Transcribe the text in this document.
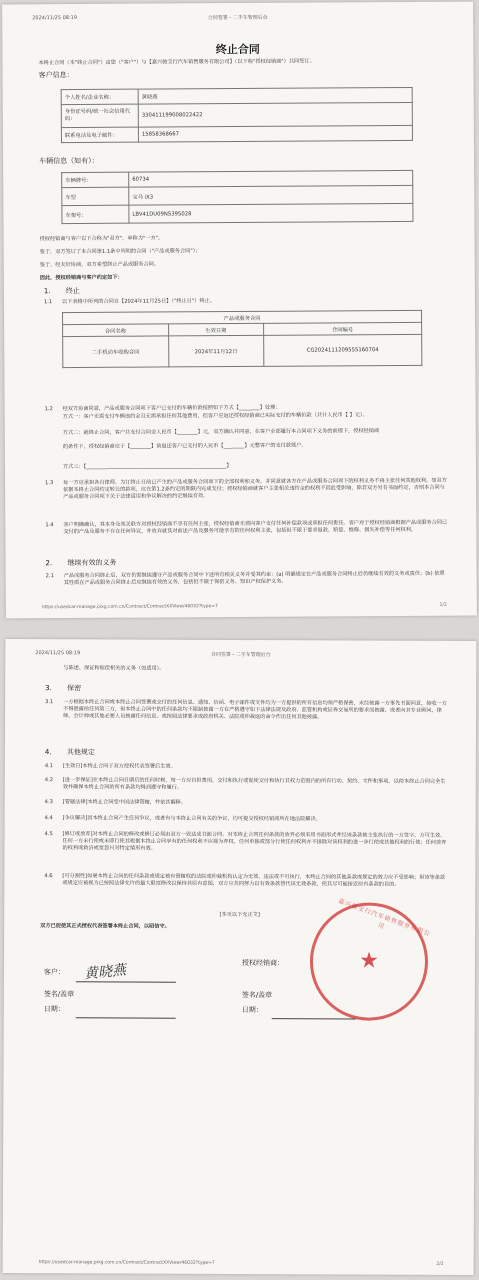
2024/11/25 08:19	合同签署 - 二手车管理后台
终止合同
本终止合同（本"终止合同"）由您（"客户"）与【嘉兴骏宝行汽车销售服务有限公司】（以下称"授权经销商"）共同签订。
客户信息：
个人姓名/企业名称：	黄晓燕
身份证号码/统一社会信用代码：	330411199008022422
联系电话及电子邮件：	15858368667
车辆信息（如有）：
车辆牌号：	60734
车型	宝马 iX3
车架号：	LBV41DU09NS395028
授权经销商与客户以下合称为"双方"，单称为"一方"。
鉴于，双方签订了本合同第1.1条中列明的合同（"产品或服务合同"）；
鉴于，经友好协商，双方希望终止产品或服务合同。
因此，授权经销商与客户约定如下：
1. 终止
1.1 以下表格中所列的合同自【2024年11月25日】（"终止日"）终止。
产品或服务合同		
合同名称	生效日期	合同编号
二手机动车收购合同	2024年11月12日	CG2024111209555160704
1.2 经双方协商同意，产品或服务合同项下客户已支付的车辆价款按照如下方式【________】处理：
方式一：客户无需支付车辆违约金且无需承担任何其他费用，但客户应返还授权经销商已实际支付的车辆价款（共计人民币【 】元）。
方式二：就终止合同，客户共支付合同金人民币【________】元，双方确认并同意，在客户全部履行本合同项下义务的前提下，授权经销商
的条件下，授权经销商应于【________】前退还客户已支付的人民币【________】元整客户的支付款账户。
方式三：【______________________________________________________】
1.3 每一方应承担各自律师、为订终止日前已产生的产品或服务合同项下的全部权利和义务，并同意就各方在产品或服务合同项下的权利义务不再主张任何其他权利。如双方依据本终止合同约定转让的款项，应在第1.2条约定的期限内完成支付；授权经销商就客户主张相关违约金的权利不因此受影响，除非双方另有书面约定，否则本合同与产品或服务合同项下关于法律适用和争议解决的约定继续有效。
1.4 客户明确确认，其本身及其关联方对授权经销商不享有任何主张，授权经销商无须向客户支付任何补偿款项或承担任何责任。客户对于授权经销商根据产品或服务合同已交付的产品及服务不存在任何异议，并放弃就其对前述产品及服务可能享有的任何权利主张，包括但不限于要求退款、赔偿、维修、损失补偿等任何权利。
2. 继续有效的义务
2.1 产品或服务合同终止后，双方仍需继续遵守产品或服务合同中下述所有相关义务并受其约束：(a) 明确规定在产品或服务合同终止后仍继续有效的义务或责任；(b) 依照其性质在产品或服务合同终止后应继续有效的义务，包括但不限于保密义务、知识产权保护义务、
https://usedcar-manage.pixg.com.cn/Contract/ContractXXView/46032?type=7	1/2
2024/11/25 08:19	合同签署 - 二手车管理后台
与陈述、保证和赔偿相关的义务（如适用）。
3. 保密
3.1 一方根据本终止合同或本终止合同签署或交付的任何信息、通知、信函、电子邮件或文件均为一方提供的所有信息均须严格保密，未经披露一方事先书面同意，接收一方不得泄露给任何第三方，但本终止合同中的任何条款均不限制披露一方在严格遵守如下法律法规及政府、监管机构或证券交易所的要求而披露、或者向其专业顾问、律师、会计师或其他必要人员披露任何信息、或按照法律要求或政府机关、法院或仲裁庭的命令作出任何其他披露。
4. 其他规定
4.1 [生效日]本终止合同于双方授权代表签署后生效。
4.2 [进一步保证]在本终止合同日期后的任何时候，每一方应自担费用，交付和执行或促使交付和执行其权力范围内的所有行动、契约、文件和事项，以使本终止合同完全生效并确保本终止合同的所有条款均得到遵守和履行。
4.3 [管辖法律]本终止合同受中国法律管辖，并依其解释。
4.4 [争议解决]因本终止合同产生任何争议，或者有与本终止合同有关的争议，均可提交授权经销商所在地法院解决。
4.5 [修订或放弃]对本终止合同的修改或修订必须由双方一致达成书面合同。对本终止合同任何条款的放弃必须采用书面形式并经该条款被主张执行的一方签字，方可生效。任何一方未行使或未即行使其根据本终止合同享有的任何权利不应视为弃权，任何单独或部分行使任何权利亦不排除对该权利的进一步行使或其他权利的行使；任何放弃的权利或救济或宽恕只对特定情形有效。
4.6 [可分割性]如果本终止合同的任何条款或规定被有管辖权的法院或仲裁机构认定为无效、违法或不可执行，本终止合同的其他条款或规定的效力应不受影响；但该等条款或规定应被视为已按照法律允许的最大限度修改以保持其原有意图，双方应共同努力以有效条款替代该无效条款，使其尽可能接近原有条款的目的。
[本页以下无正文]
双方已促使其正式授权代表签署本终止合同，以昭信守。
客户： 黄晓燕
签名/盖章
日期：
授权经销商：
签名/盖章
日期：
嘉兴骏宝行汽车销售服务有限公司
★
https://usedcar-manage.pixg.com.cn/Contract/ContractXXView/46032?type=7	2/2
